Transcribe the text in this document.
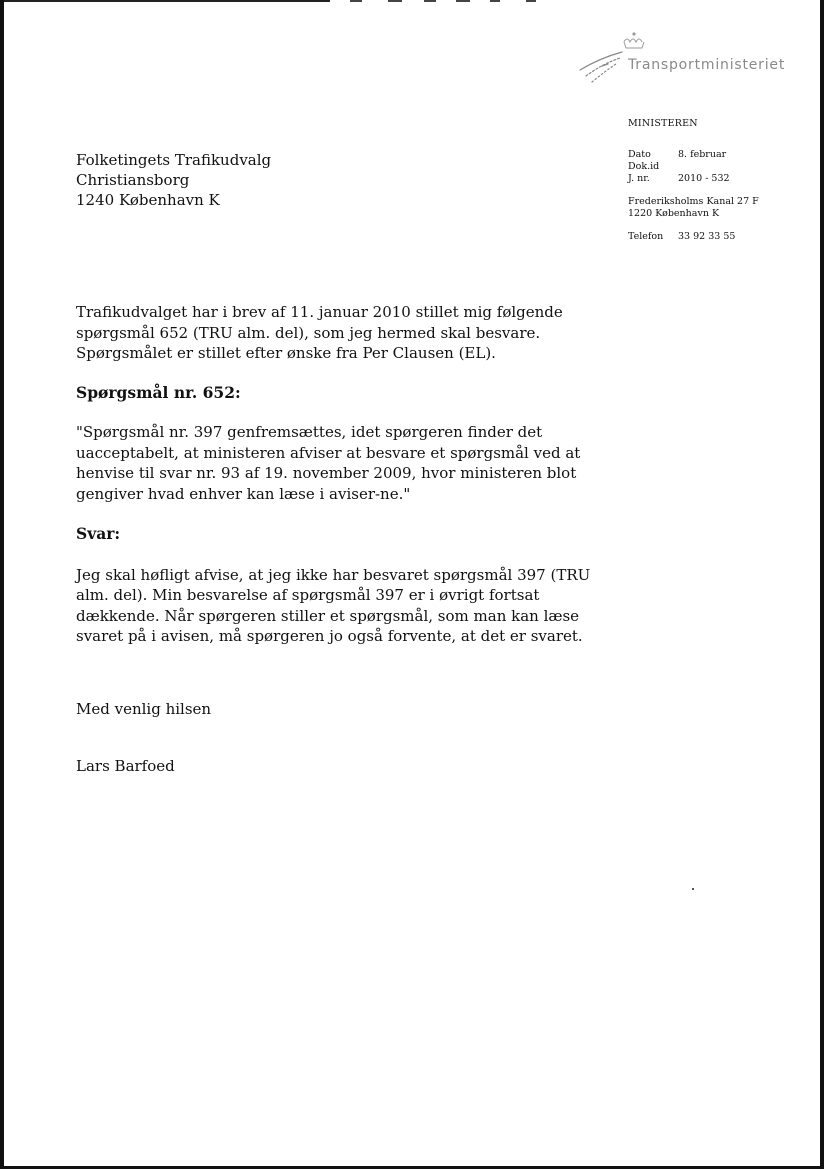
Transportministeriet
MINISTEREN
Dato	8. februar
Dok.id
J. nr.	2010 - 532
Frederiksholms Kanal 27 F
1220 København K
Telefon	33 92 33 55
Folketingets Trafikudvalg
Christiansborg
1240 København K

Trafikudvalget har i brev af 11. januar 2010 stillet mig følgende spørgsmål 652 (TRU alm. del), som jeg hermed skal besvare. Spørgsmålet er stillet efter ønske fra Per Clausen (EL).

Spørgsmål nr. 652:

"Spørgsmål nr. 397 genfremsættes, idet spørgeren finder det uacceptabelt, at ministeren afviser at besvare et spørgsmål ved at henvise til svar nr. 93 af 19. november 2009, hvor ministeren blot gengiver hvad enhver kan læse i aviser-ne."

Svar:

Jeg skal høfligt afvise, at jeg ikke har besvaret spørgsmål 397 (TRU alm. del). Min besvarelse af spørgsmål 397 er i øvrigt fortsat dækkende. Når spørgeren stiller et spørgsmål, som man kan læse svaret på i avisen, må spørgeren jo også forvente, at det er svaret.

Med venlig hilsen

Lars Barfoed
